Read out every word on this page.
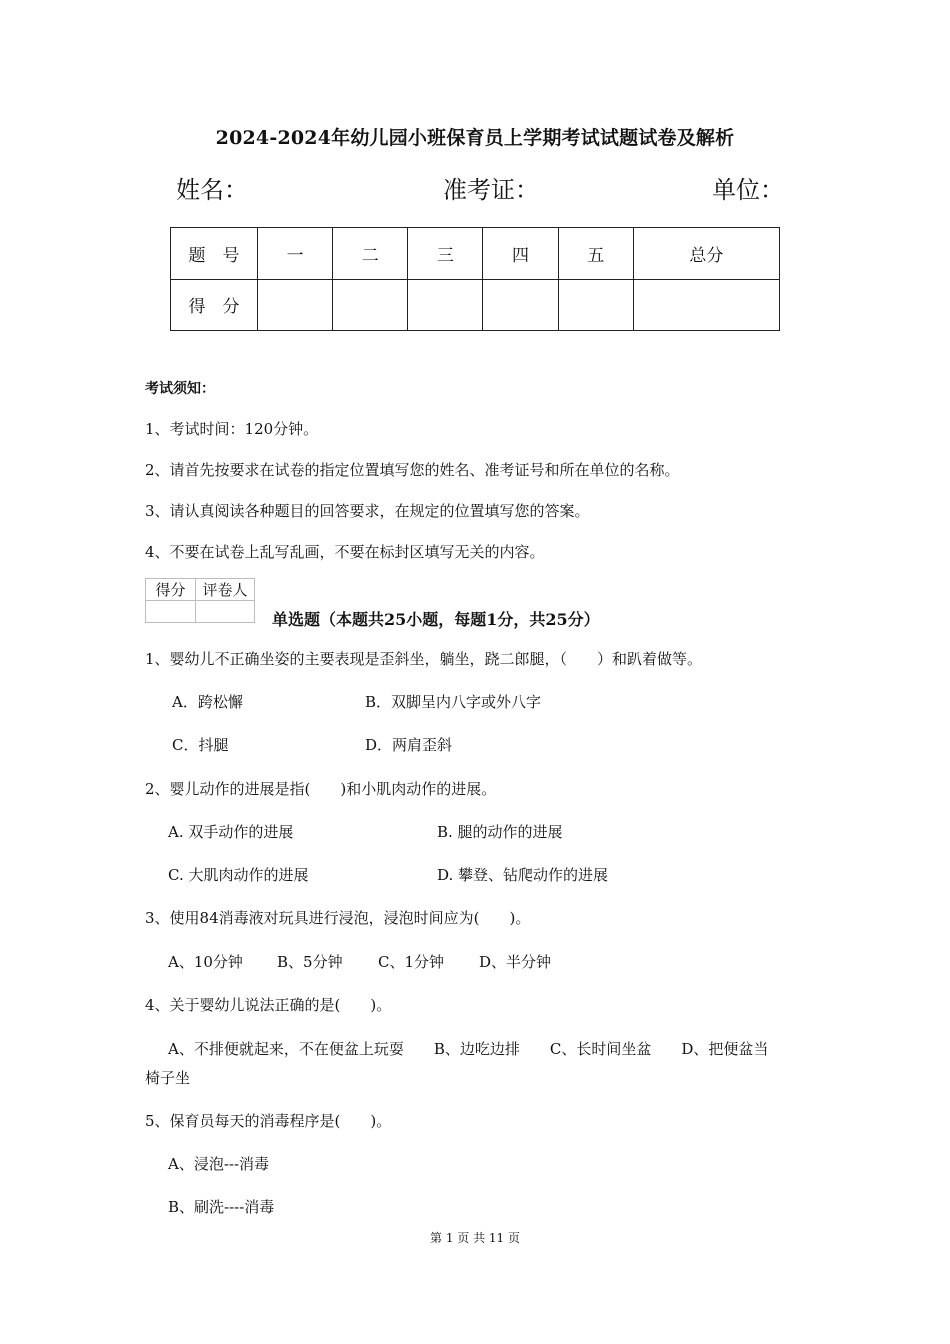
2024-2024年幼儿园小班保育员上学期考试试题试卷及解析
姓名：	准考证：	单位：
题　号	一	二	三	四	五	总分
得　分						
考试须知：
1、考试时间：120分钟。
2、请首先按要求在试卷的指定位置填写您的姓名、准考证号和所在单位的名称。
3、请认真阅读各种题目的回答要求，在规定的位置填写您的答案。
4、不要在试卷上乱写乱画，不要在标封区填写无关的内容。
得分	评卷人

单选题（本题共25小题，每题1分，共25分）
1、婴幼儿不正确坐姿的主要表现是歪斜坐，躺坐，跷二郎腿，（　　）和趴着做等。
A．跨松懈	B．双脚呈内八字或外八字
C．抖腿	D．两肩歪斜
2、婴儿动作的进展是指(　　)和小肌肉动作的进展。
A. 双手动作的进展	B. 腿的动作的进展
C. 大肌肉动作的进展	D. 攀登、钻爬动作的进展
3、使用84消毒液对玩具进行浸泡，浸泡时间应为(　　)。
A、10分钟 B、5分钟 C、1分钟 D、半分钟
4、关于婴幼儿说法正确的是(　　)。
A、不排便就起来，不在便盆上玩耍　　B、边吃边排　　C、长时间坐盆　　D、把便盆当
椅子坐
5、保育员每天的消毒程序是(　　)。
A、浸泡---消毒
B、刷洗----消毒
第 1 页 共 11 页
